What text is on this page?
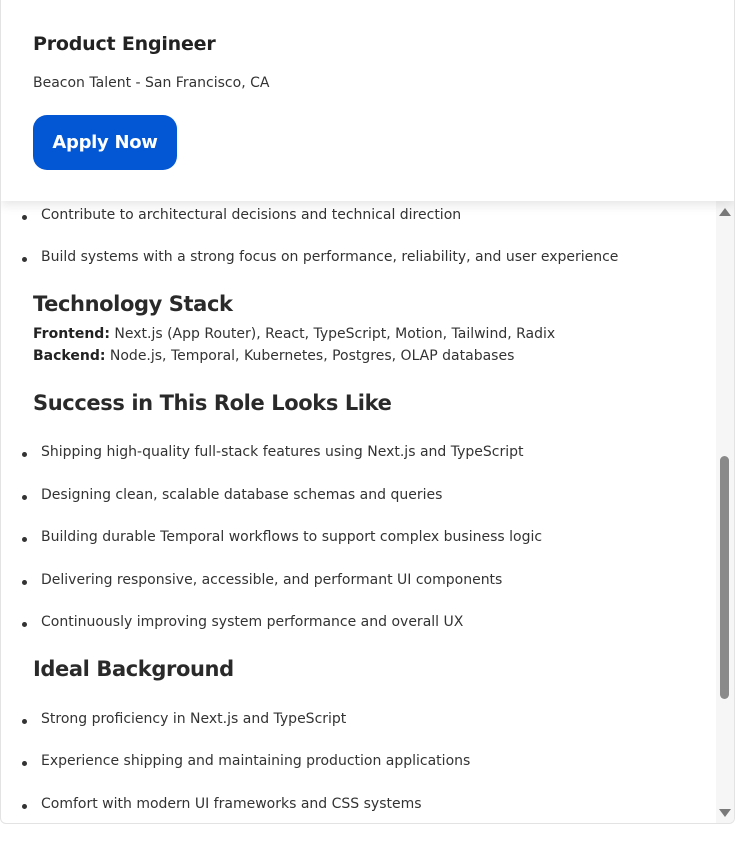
Contribute to architectural decisions and technical direction
Build systems with a strong focus on performance, reliability, and user experience
Technology Stack
Frontend: Next.js (App Router), React, TypeScript, Motion, Tailwind, Radix
Backend: Node.js, Temporal, Kubernetes, Postgres, OLAP databases
Success in This Role Looks Like
Shipping high-quality full-stack features using Next.js and TypeScript
Designing clean, scalable database schemas and queries
Building durable Temporal workflows to support complex business logic
Delivering responsive, accessible, and performant UI components
Continuously improving system performance and overall UX
Ideal Background
Strong proficiency in Next.js and TypeScript
Experience shipping and maintaining production applications
Comfort with modern UI frameworks and CSS systems
Product Engineer
Beacon Talent - San Francisco, CA
Apply Now
